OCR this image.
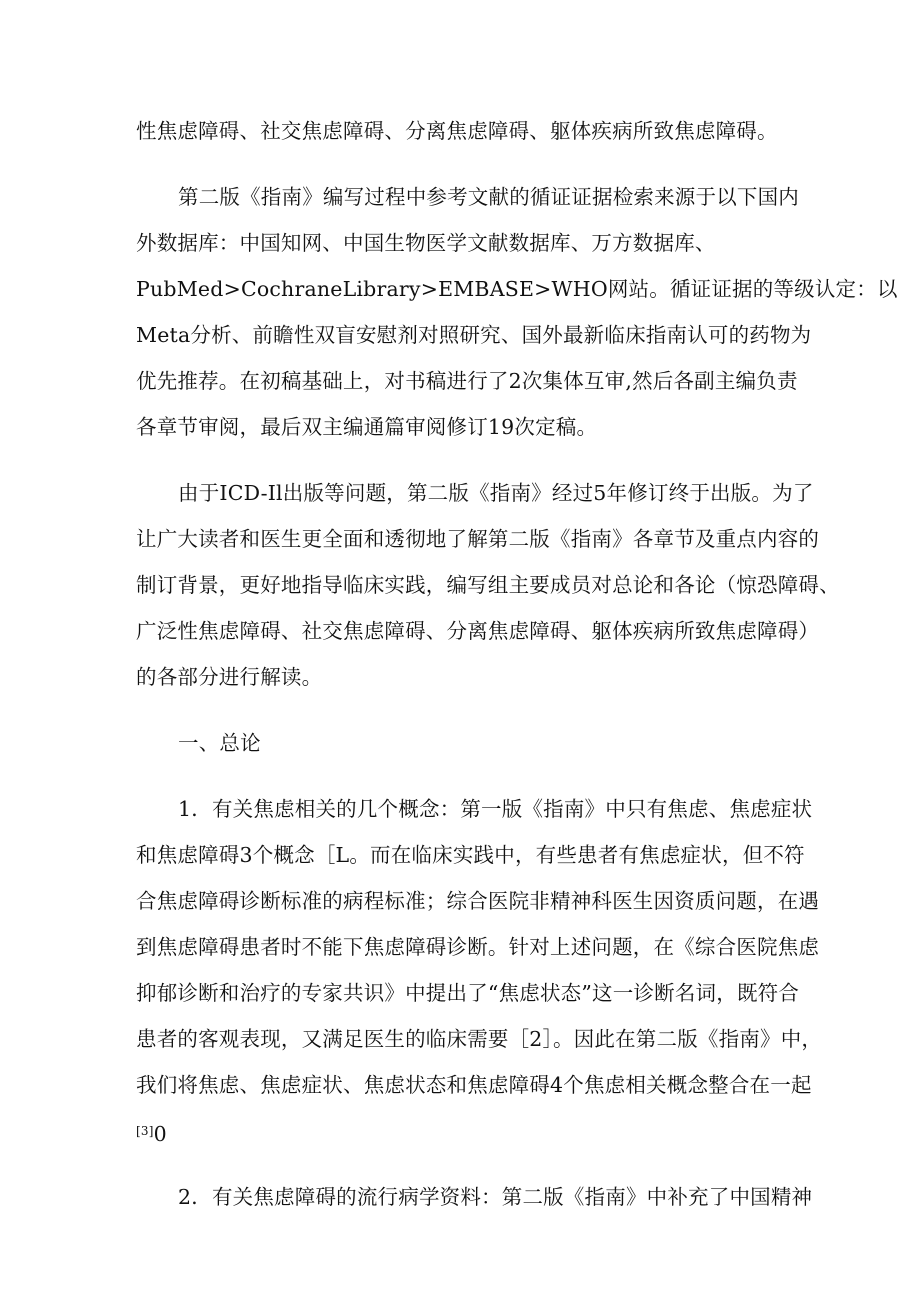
性焦虑障碍、社交焦虑障碍、分离焦虑障碍、躯体疾病所致焦虑障碍。
第二版《指南》编写过程中参考文献的循证证据检索来源于以下国内
外数据库：中国知网、中国生物医学文献数据库、万方数据库、
PubMed>CochraneLibrary>EMBASE>WHO网站。循证证据的等级认定：以
Meta分析、前瞻性双盲安慰剂对照研究、国外最新临床指南认可的药物为
优先推荐。在初稿基础上，对书稿进行了2次集体互审,然后各副主编负责
各章节审阅，最后双主编通篇审阅修订19次定稿。
由于ICD-Il出版等问题，第二版《指南》经过5年修订终于出版。为了
让广大读者和医生更全面和透彻地了解第二版《指南》各章节及重点内容的
制订背景，更好地指导临床实践，编写组主要成员对总论和各论（惊恐障碍、
广泛性焦虑障碍、社交焦虑障碍、分离焦虑障碍、躯体疾病所致焦虑障碍）
的各部分进行解读。
一、总论
1．有关焦虑相关的几个概念：第一版《指南》中只有焦虑、焦虑症状
和焦虑障碍3个概念［L。而在临床实践中，有些患者有焦虑症状，但不符
合焦虑障碍诊断标准的病程标准；综合医院非精神科医生因资质问题，在遇
到焦虑障碍患者时不能下焦虑障碍诊断。针对上述问题，在《综合医院焦虑
抑郁诊断和治疗的专家共识》中提出了“焦虑状态”这一诊断名词，既符合
患者的客观表现，又满足医生的临床需要［2］。因此在第二版《指南》中，
我们将焦虑、焦虑症状、焦虑状态和焦虑障碍4个焦虑相关概念整合在一起
[3]0
2．有关焦虑障碍的流行病学资料：第二版《指南》中补充了中国精神
